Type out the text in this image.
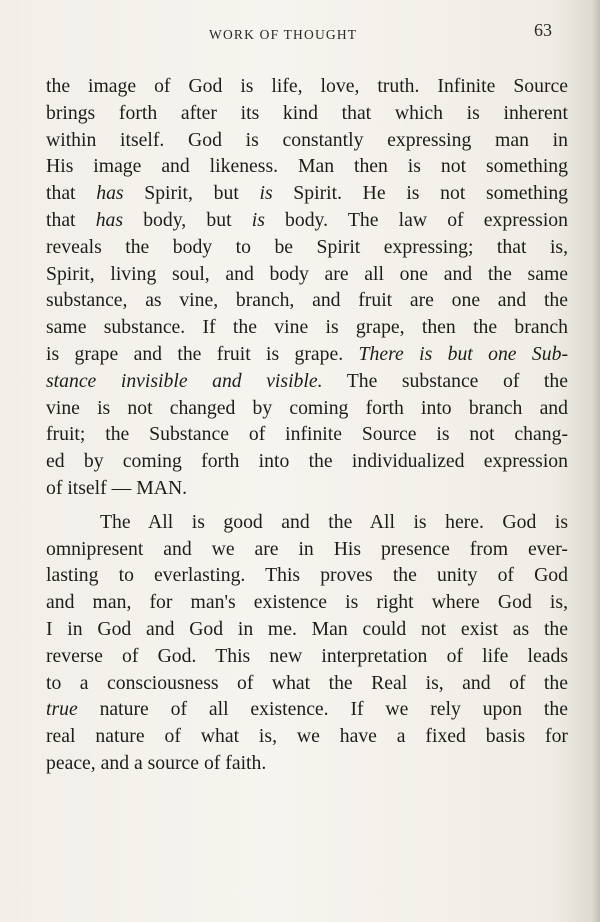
WORK OF THOUGHT	63
the image of God is life, love, truth. Infinite Source
brings forth after its kind that which is inherent
within itself. God is constantly expressing man in
His image and likeness. Man then is not something
that has Spirit, but is Spirit. He is not something
that has body, but is body. The law of expression
reveals the body to be Spirit expressing; that is,
Spirit, living soul, and body are all one and the same
substance, as vine, branch, and fruit are one and the
same substance. If the vine is grape, then the branch
is grape and the fruit is grape. There is but one Sub-
stance invisible and visible. The substance of the
vine is not changed by coming forth into branch and
fruit; the Substance of infinite Source is not chang-
ed by coming forth into the individualized expression
of itself — MAN.
The All is good and the All is here. God is
omnipresent and we are in His presence from ever-
lasting to everlasting. This proves the unity of God
and man, for man's existence is right where God is,
I in God and God in me. Man could not exist as the
reverse of God. This new interpretation of life leads
to a consciousness of what the Real is, and of the
true nature of all existence. If we rely upon the
real nature of what is, we have a fixed basis for
peace, and a source of faith.
